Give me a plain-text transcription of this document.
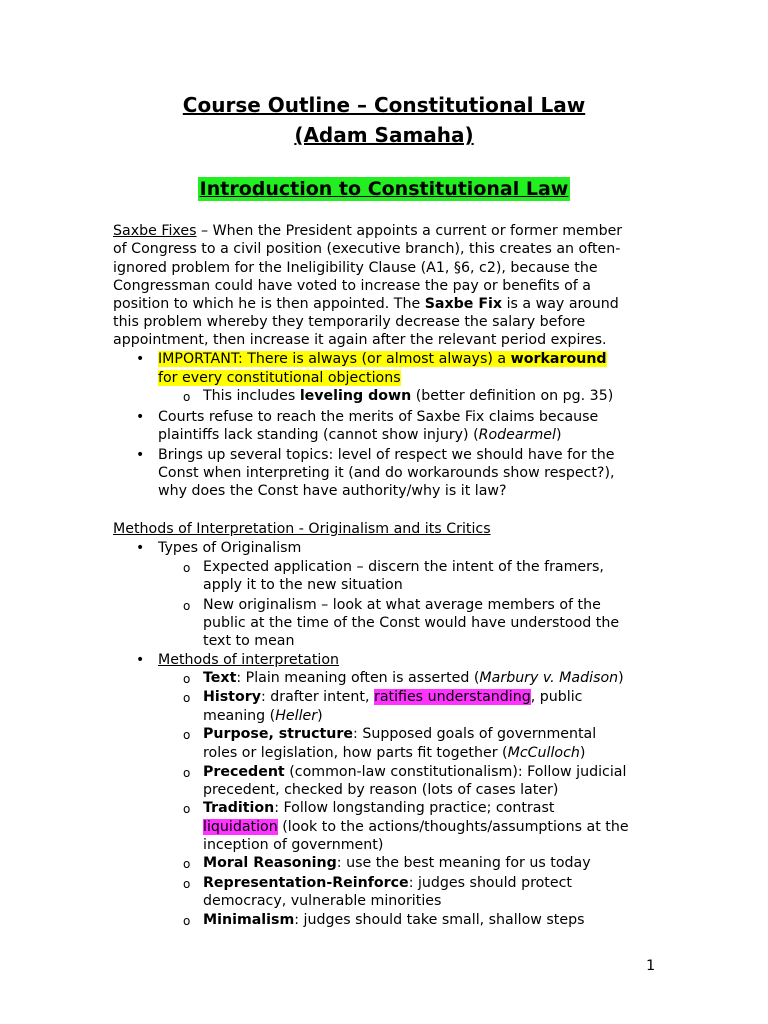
Course Outline – Constitutional Law
(Adam Samaha)
Introduction to Constitutional Law
Saxbe Fixes – When the President appoints a current or former member
of Congress to a civil position (executive branch), this creates an often-
ignored problem for the Ineligibility Clause (A1, §6, c2), because the
Congressman could have voted to increase the pay or benefits of a
position to which he is then appointed. The Saxbe Fix is a way around
this problem whereby they temporarily decrease the salary before
appointment, then increase it again after the relevant period expires.
• IMPORTANT: There is always (or almost always) a workaround
for every constitutional objections
o This includes leveling down (better definition on pg. 35)
• Courts refuse to reach the merits of Saxbe Fix claims because
plaintiffs lack standing (cannot show injury) (Rodearmel)
• Brings up several topics: level of respect we should have for the
Const when interpreting it (and do workarounds show respect?),
why does the Const have authority/why is it law?
Methods of Interpretation - Originalism and its Critics
• Types of Originalism
o Expected application – discern the intent of the framers,
apply it to the new situation
o New originalism – look at what average members of the
public at the time of the Const would have understood the
text to mean
• Methods of interpretation
o Text: Plain meaning often is asserted (Marbury v. Madison)
o History: drafter intent, ratifies understanding, public
meaning (Heller)
o Purpose, structure: Supposed goals of governmental
roles or legislation, how parts fit together (McCulloch)
o Precedent (common-law constitutionalism): Follow judicial
precedent, checked by reason (lots of cases later)
o Tradition: Follow longstanding practice; contrast
liquidation (look to the actions/thoughts/assumptions at the
inception of government)
o Moral Reasoning: use the best meaning for us today
o Representation-Reinforce: judges should protect
democracy, vulnerable minorities
o Minimalism: judges should take small, shallow steps
1
